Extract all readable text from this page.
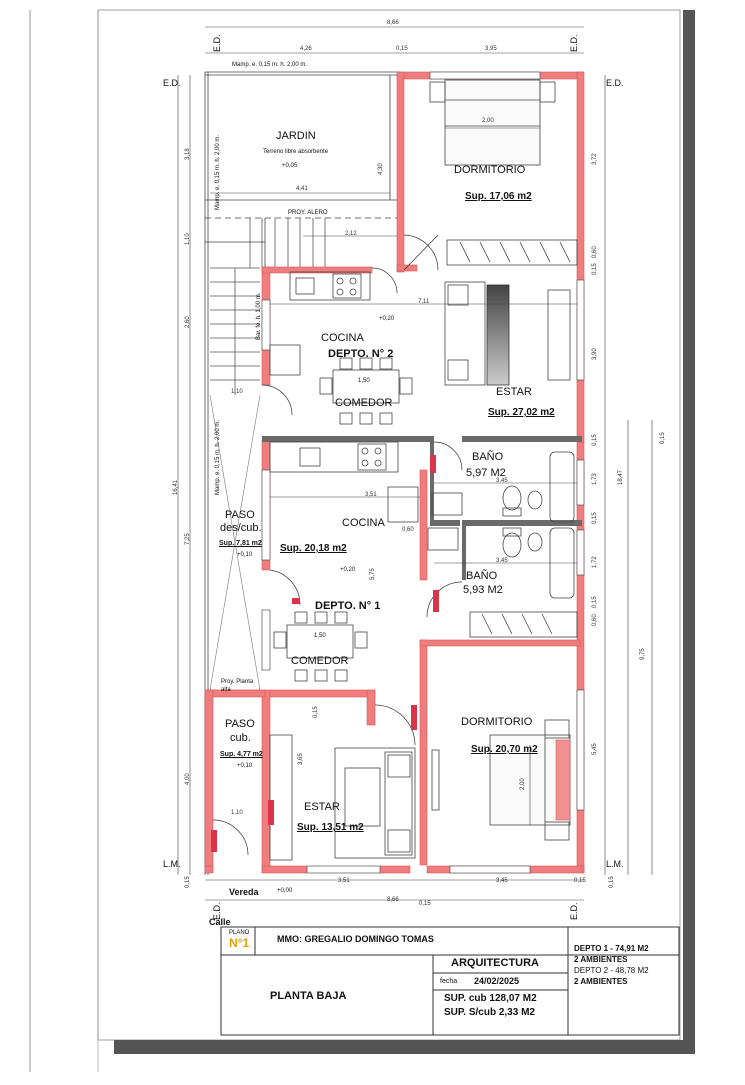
8,66
4,26	0,15	3,95
Mamp. e. 0,15 m. h. 2,00 m.
E.D.	E.D.
E.D.	E.D.
L.M.	L.M.
E.D.	E.D.
3,18
1,10
2,60
16,41
7,25
4,00
0,15
Mamp. e. 0,15 m. h. 2,00 m.
Mamp. e. 0,15 m. h. 2,00 m.
Bar. fe. h. 1,00 m.
3,72
0,60
0,15
3,90
0,15
1,73
0,15
1,72
0,15
0,60
5,45
18,47
9,75
0,15
0,15
4,41
4,30
PROY. ALERO
2,12
2,00
7,11
1,10
3,51
3,45
3,45
0,60
5,75
0,15
3,65
2,00
1,10
3,51	3,45	0,15
8,66
0,15
JARDIN
Terreno libre absorbente
+0,05	DORMITORIO
Sup. 17,06 m2
COCINA
+0,20
DEPTO. N° 2
1,50
COMEDOR
ESTAR
Sup. 27,02 m2
BAÑO
5,97 M2
PASO
des/cub.
Sup. 7,81 m2
+0,10
COCINA
Sup. 20,18 m2
+0,20	BAÑO
5,93 M2
DEPTO. N° 1
1,50
COMEDOR
Proy. Planta
alta
DORMITORIO
Sup. 20,70 m2
PASO
cub.
Sup. 4,77 m2
+0,10
ESTAR
Sup. 13,51 m2
Vereda	+0,00
Calle
PLANO
N°1	MMO: GREGALIO DOMINGO TOMAS
ARQUITECTURA
fecha 24/02/2025
SUP. cub 128,07 M2
SUP. S/cub 2,33 M2
DEPTO 1 - 74,91 M2
2 AMBIENTES
DEPTO 2 - 48,78 M2
2 AMBIENTES
PLANTA BAJA
